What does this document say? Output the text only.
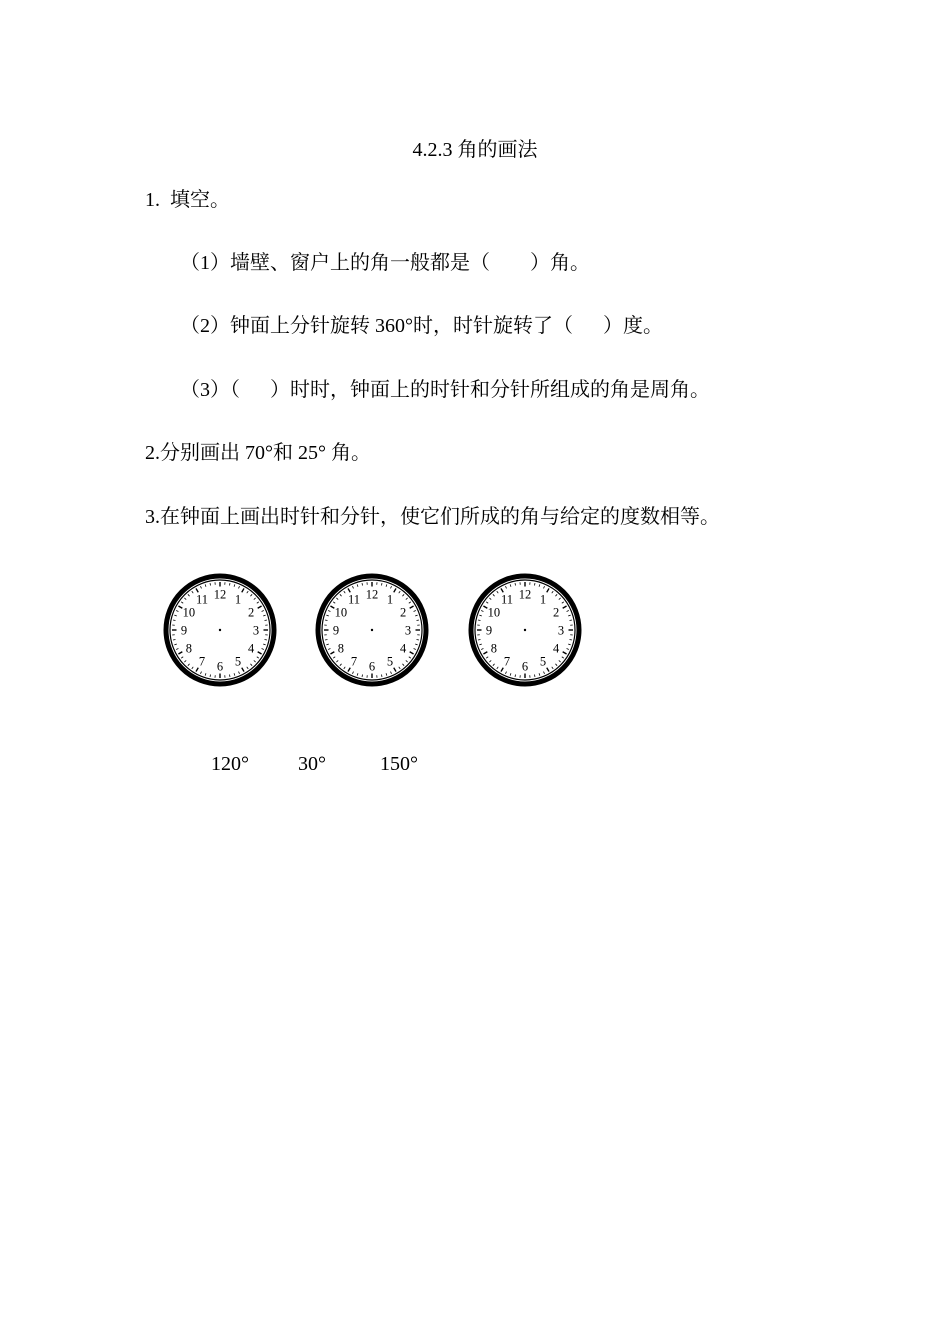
4.2.3 角的画法
1.  填空。
（1）墙壁、窗户上的角一般都是（        ）角。
（2）钟面上分针旋转 360°时，时针旋转了（      ）度。
（3）（      ）时时，钟面上的时针和分针所组成的角是周角。
2.分别画出 70°和 25° 角。
3.在钟面上画出时针和分针，使它们所成的角与给定的度数相等。
12 1
2
3
4
5
6
7
8
9
10
11	12 1
2
3
4
5
6
7
8
9
10
11	12 1
2
3
4
5
6
7
8
9
10
11
120° 30°	150°
